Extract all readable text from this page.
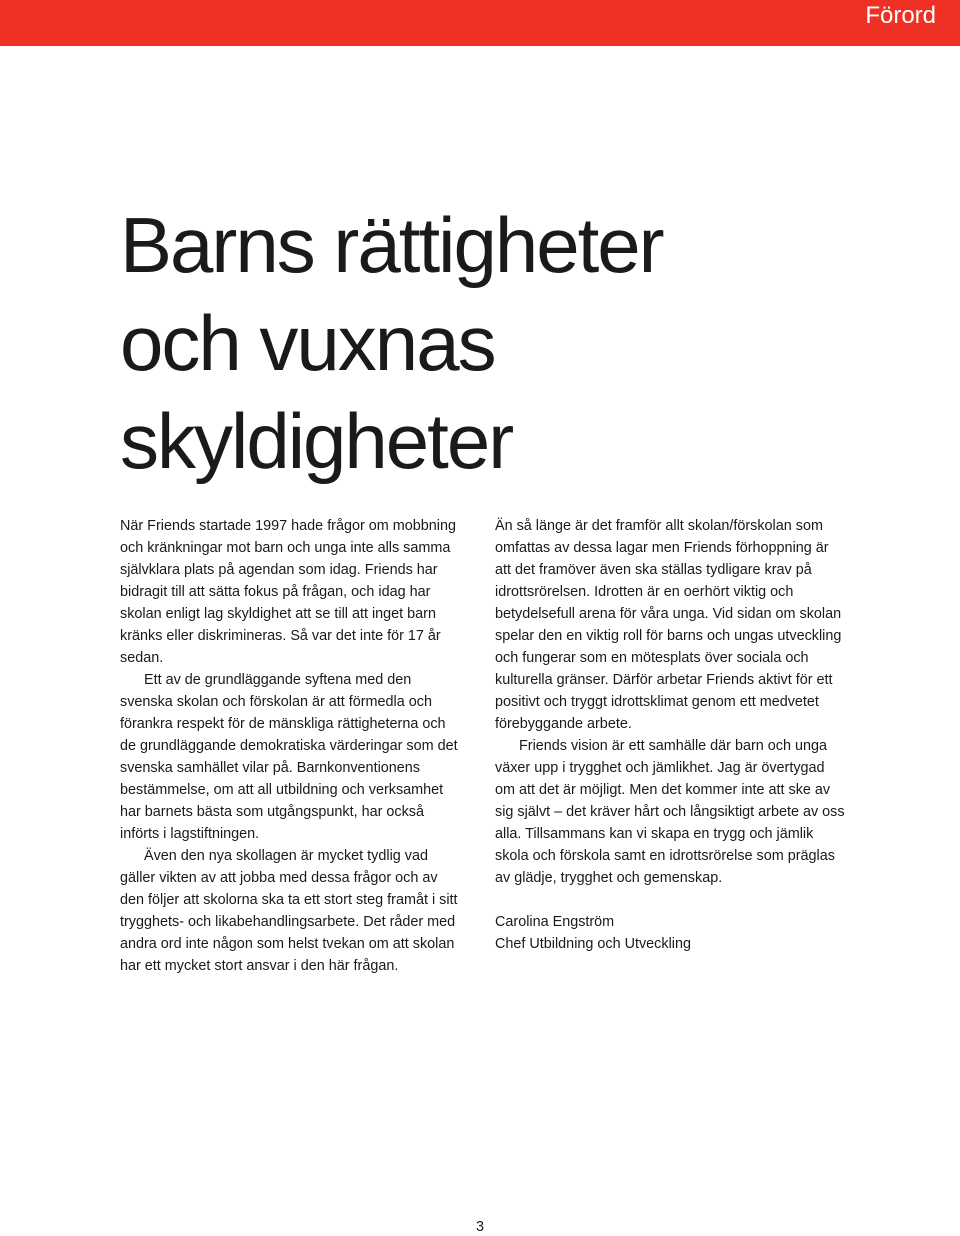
Förord
Barns rättigheter
och vuxnas
skyldigheter

När Friends startade 1997 hade frågor om mobbning och kränkningar mot barn och unga inte alls samma självklara plats på agendan som idag. Friends har bidragit till att sätta fokus på frågan, och idag har skolan enligt lag skyldighet att se till att inget barn kränks eller diskrimineras. Så var det inte för 17 år sedan.

Ett av de grundläggande syftena med den svenska skolan och förskolan är att förmedla och förankra respekt för de mänskliga rättigheterna och de grundläggande demokratiska värderingar som det svenska samhället vilar på. Barnkonventionens bestämmelse, om att all utbildning och verksamhet har barnets bästa som utgångspunkt, har också införts i lagstiftningen.

Även den nya skollagen är mycket tydlig vad gäller vikten av att jobba med dessa frågor och av den följer att skolorna ska ta ett stort steg framåt i sitt trygghets- och likabehandlingsarbete. Det råder med andra ord inte någon som helst tvekan om att skolan har ett mycket stort ansvar i den här frågan.

Än så länge är det framför allt skolan/förskolan som omfattas av dessa lagar men Friends förhoppning är att det framöver även ska ställas tydligare krav på idrottsrörelsen. Idrotten är en oerhört viktig och betydelsefull arena för våra unga. Vid sidan om skolan spelar den en viktig roll för barns och ungas utveckling och fungerar som en mötesplats över sociala och kulturella gränser. Därför arbetar Friends aktivt för ett positivt och tryggt idrottsklimat genom ett medvetet förebyggande arbete.

Friends vision är ett samhälle där barn och unga växer upp i trygghet och jämlikhet. Jag är övertygad om att det är möjligt. Men det kommer inte att ske av sig självt – det kräver hårt och långsiktigt arbete av oss alla. Tillsammans kan vi skapa en trygg och jämlik skola och förskola samt en idrottsrörelse som präglas av glädje, trygghet och gemenskap.

Carolina Engström
Chef Utbildning och Utveckling
3
